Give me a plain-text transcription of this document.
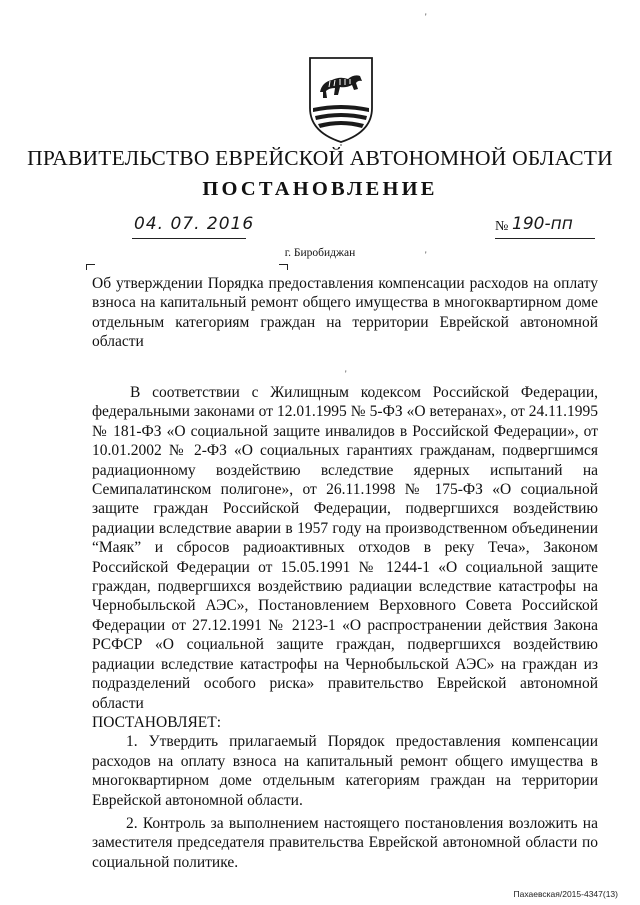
'
ПРАВИТЕЛЬСТВО ЕВРЕЙСКОЙ АВТОНОМНОЙ ОБЛАСТИ
ПОСТАНОВЛЕНИЕ
04. 07. 2016	№ 190-пп
г. Биробиджан	'
Об утверждении Порядка предоставления компенсации расходов на оплату взноса на капитальный ремонт общего имущества в многоквартирном доме отдельным категориям граждан на территории Еврейской автономной области
'

В соответствии с Жилищным кодексом Российской Федерации, федеральными законами от 12.01.1995 № 5-ФЗ «О ветеранах», от 24.11.1995 № 181-ФЗ «О социальной защите инвалидов в Российской Федерации», от 10.01.2002 № 2-ФЗ «О социальных гарантиях гражданам, подвергшимся радиационному воздействию вследствие ядерных испытаний на Семипалатинском полигоне», от 26.11.1998 № 175-ФЗ «О социальной защите граждан Российской Федерации, подвергшихся воздействию радиации вследствие аварии в 1957 году на производственном объединении “Маяк” и сбросов радиоактивных отходов в реку Теча», Законом Российской Федерации от 15.05.1991 № 1244-1 «О социальной защите граждан, подвергшихся воздействию радиации вследствие катастрофы на Чернобыльской АЭС», Постановлением Верховного Совета Российской Федерации от 27.12.1991 № 2123-1 «О распространении действия Закона РСФСР «О социальной защите граждан, подвергшихся воздействию радиации вследствие катастрофы на Чернобыльской АЭС» на граждан из подразделений особого риска» правительство Еврейской автономной области

ПОСТАНОВЛЯЕТ:

1. Утвердить прилагаемый Порядок предоставления компенсации расходов на оплату взноса на капитальный ремонт общего имущества в многоквартирном доме отдельным категориям граждан на территории Еврейской автономной области.

2. Контроль за выполнением настоящего постановления возложить на заместителя председателя правительства Еврейской автономной области по социальной политике.

Пахаевская/2015-4347(13)
